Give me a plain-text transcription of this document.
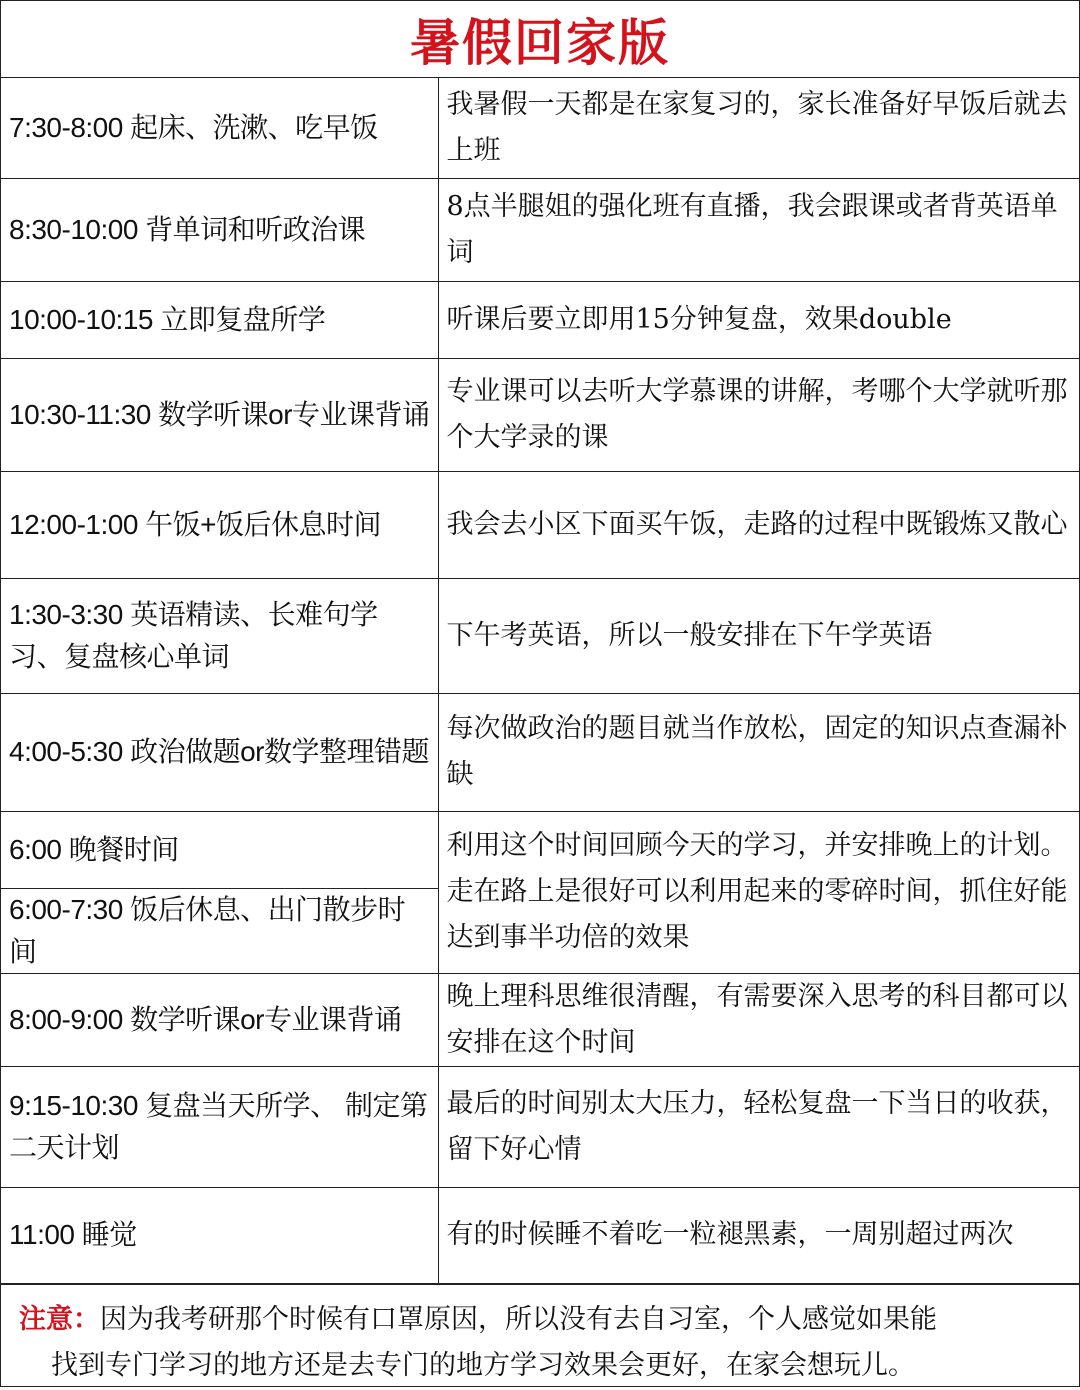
暑假回家版
7:30-8:00 起床、洗漱、吃早饭	我暑假一天都是在家复习的，家长准备好早饭后就去上班
8:30-10:00 背单词和听政治课	8点半腿姐的强化班有直播，我会跟课或者背英语单词
10:00-10:15 立即复盘所学	听课后要立即用15分钟复盘，效果double
10:30-11:30 数学听课or专业课背诵	专业课可以去听大学慕课的讲解，考哪个大学就听那个大学录的课
12:00-1:00 午饭+饭后休息时间	我会去小区下面买午饭，走路的过程中既锻炼又散心
1:30-3:30 英语精读、长难句学习、复盘核心单词	下午考英语，所以一般安排在下午学英语
4:00-5:30 政治做题or数学整理错题	每次做政治的题目就当作放松，固定的知识点查漏补缺
6:00 晚餐时间	利用这个时间回顾今天的学习，并安排晚上的计划。走在路上是很好可以利用起来的零碎时间，抓住好能达到事半功倍的效果
6:00-7:30 饭后休息、出门散步时间	
8:00-9:00 数学听课or专业课背诵	晚上理科思维很清醒，有需要深入思考的科目都可以安排在这个时间
9:15-10:30 复盘当天所学、 制定第二天计划	最后的时间别太大压力，轻松复盘一下当日的收获，留下好心情
11:00 睡觉	有的时候睡不着吃一粒褪黑素，一周别超过两次
注意：因为我考研那个时候有口罩原因，所以没有去自习室，个人感觉如果能
找到专门学习的地方还是去专门的地方学习效果会更好，在家会想玩儿。
